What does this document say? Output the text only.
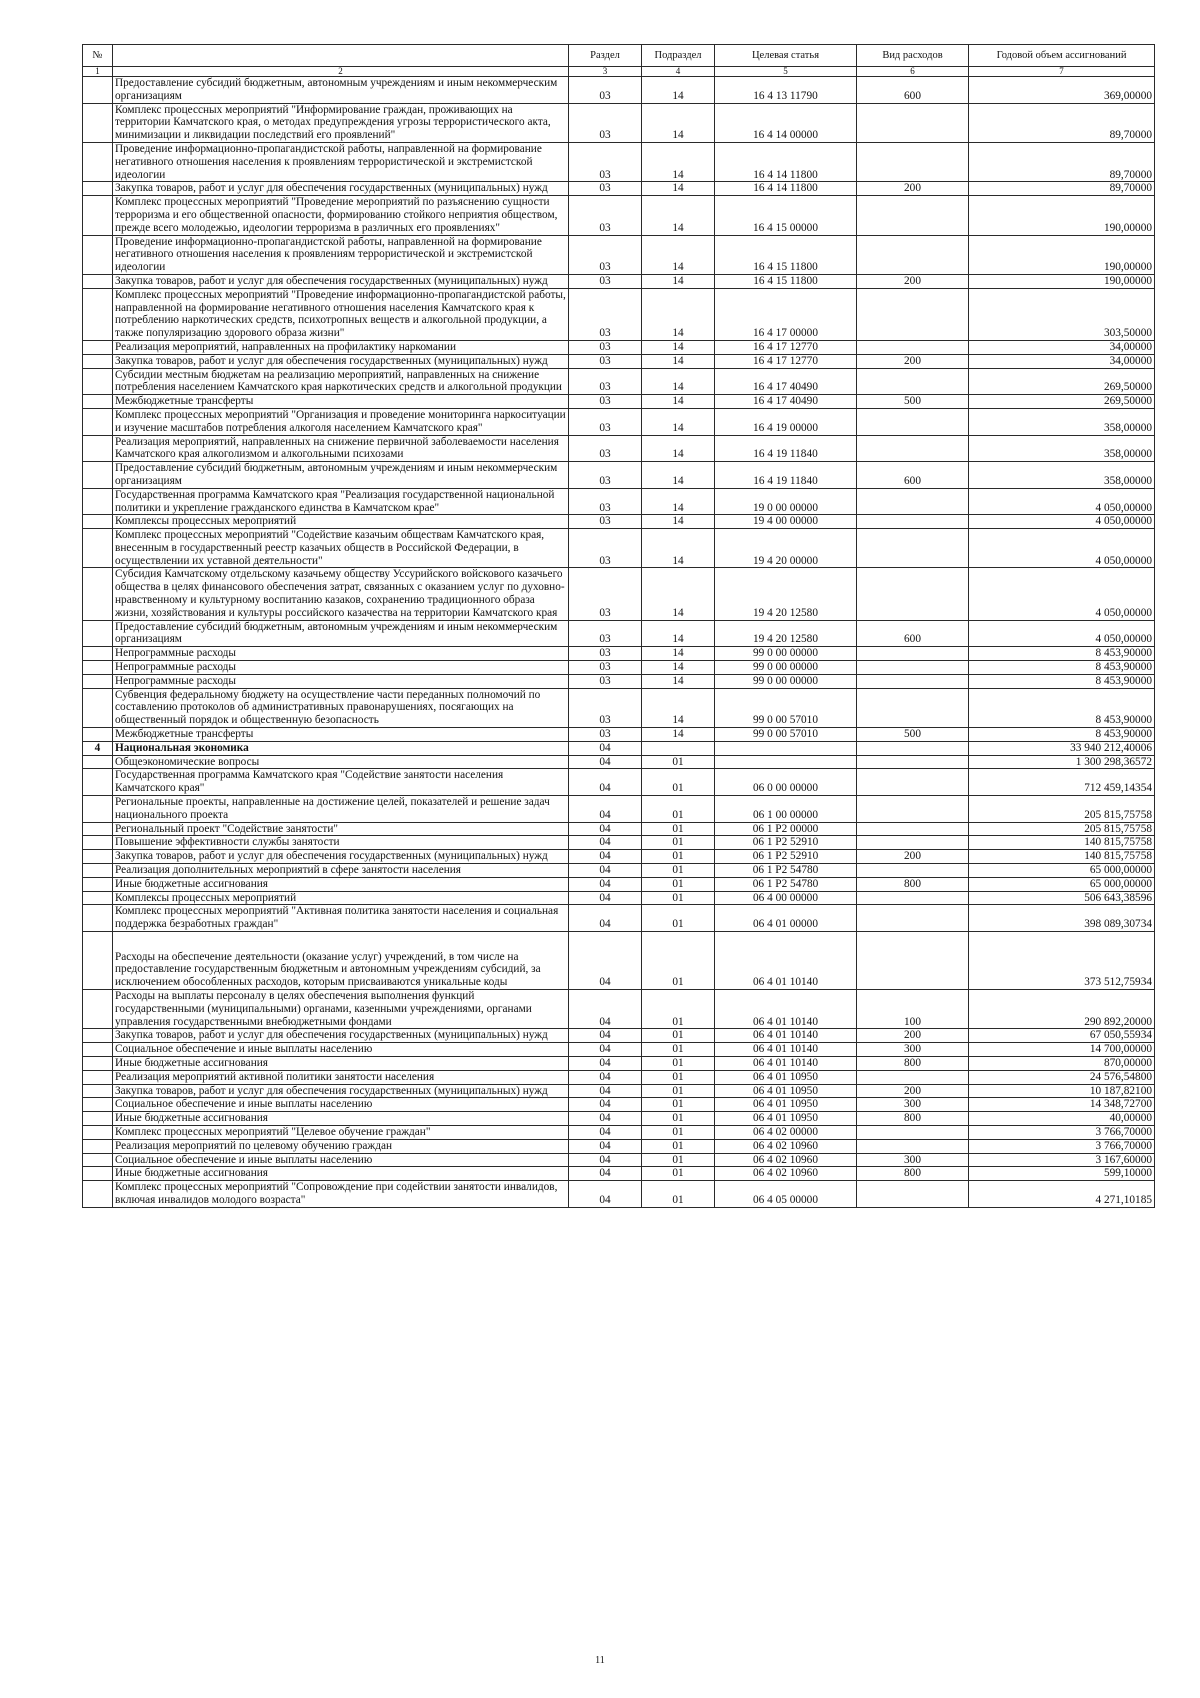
№		Раздел	Подраздел	Целевая статья	Вид расходов	Годовой объем ассигнований
1	2	3	4	5	6	7
	Предоставление субсидий бюджетным, автономным учреждениям и иным некоммерческим организациям	03	14	16 4 13 11790	600	369,00000
	Комплекс процессных мероприятий "Информирование граждан, проживающих на территории Камчатского края, о методах предупреждения угрозы террористического акта, минимизации и ликвидации последствий его проявлений"	03	14	16 4 14 00000		89,70000
	Проведение информационно-пропагандистской работы, направленной на формирование негативного отношения населения к проявлениям террористической и экстремистской идеологии	03	14	16 4 14 11800		89,70000
	Закупка товаров, работ и услуг для обеспечения государственных (муниципальных) нужд	03	14	16 4 14 11800	200	89,70000
	Комплекс процессных мероприятий "Проведение мероприятий по разъяснению сущности терроризма и его общественной опасности, формированию стойкого неприятия обществом, прежде всего молодежью, идеологии терроризма в различных его проявлениях"	03	14	16 4 15 00000		190,00000
	Проведение информационно-пропагандистской работы, направленной на формирование негативного отношения населения к проявлениям террористической и экстремистской идеологии	03	14	16 4 15 11800		190,00000
	Закупка товаров, работ и услуг для обеспечения государственных (муниципальных) нужд	03	14	16 4 15 11800	200	190,00000
	Комплекс процессных мероприятий "Проведение информационно-пропагандистской работы, направленной на формирование негативного отношения населения Камчатского края к потреблению наркотических средств, психотропных веществ и алкогольной продукции, а также популяризацию здорового образа жизни"	03	14	16 4 17 00000		303,50000
	Реализация мероприятий, направленных на профилактику наркомании	03	14	16 4 17 12770		34,00000
	Закупка товаров, работ и услуг для обеспечения государственных (муниципальных) нужд	03	14	16 4 17 12770	200	34,00000
	Субсидии местным бюджетам на реализацию мероприятий, направленных на снижение потребления населением Камчатского края наркотических средств и алкогольной продукции	03	14	16 4 17 40490		269,50000
	Межбюджетные трансферты	03	14	16 4 17 40490	500	269,50000
	Комплекс процессных мероприятий "Организация и проведение мониторинга наркоситуации и изучение масштабов потребления алкоголя населением Камчатского края"	03	14	16 4 19 00000		358,00000
	Реализация мероприятий, направленных на снижение первичной заболеваемости населения Камчатского края алкоголизмом и алкогольными психозами	03	14	16 4 19 11840		358,00000
	Предоставление субсидий бюджетным, автономным учреждениям и иным некоммерческим организациям	03	14	16 4 19 11840	600	358,00000
	Государственная программа Камчатского края "Реализация государственной национальной политики и укрепление гражданского единства в Камчатском крае"	03	14	19 0 00 00000		4 050,00000
	Комплексы процессных мероприятий	03	14	19 4 00 00000		4 050,00000
	Комплекс процессных мероприятий "Содействие казачьим обществам Камчатского края, внесенным в государственный реестр казачьих обществ в Российской Федерации, в осуществлении их уставной деятельности"	03	14	19 4 20 00000		4 050,00000
	Субсидия Камчатскому отдельскому казачьему обществу Уссурийского войскового казачьего общества в целях финансового обеспечения затрат, связанных с оказанием услуг по духовно-нравственному и культурному воспитанию казаков, сохранению традиционного образа жизни, хозяйствования и культуры российского казачества на территории Камчатского края	03	14	19 4 20 12580		4 050,00000
	Предоставление субсидий бюджетным, автономным учреждениям и иным некоммерческим организациям	03	14	19 4 20 12580	600	4 050,00000
	Непрограммные расходы	03	14	99 0 00 00000		8 453,90000
	Непрограммные расходы	03	14	99 0 00 00000		8 453,90000
	Непрограммные расходы	03	14	99 0 00 00000		8 453,90000
	Субвенция федеральному бюджету на осуществление части переданных полномочий по составлению протоколов об административных правонарушениях, посягающих на общественный порядок и общественную безопасность	03	14	99 0 00 57010		8 453,90000
	Межбюджетные трансферты	03	14	99 0 00 57010	500	8 453,90000
4	Национальная экономика	04				33 940 212,40006
	Общеэкономические вопросы	04	01			1 300 298,36572
	Государственная программа Камчатского края "Содействие занятости населения Камчатского края"	04	01	06 0 00 00000		712 459,14354
	Региональные проекты, направленные на достижение целей, показателей и решение задач национального проекта	04	01	06 1 00 00000		205 815,75758
	Региональный проект "Содействие занятости"	04	01	06 1 P2 00000		205 815,75758
	Повышение эффективности службы занятости	04	01	06 1 P2 52910		140 815,75758
	Закупка товаров, работ и услуг для обеспечения государственных (муниципальных) нужд	04	01	06 1 P2 52910	200	140 815,75758
	Реализация дополнительных мероприятий в сфере занятости населения	04	01	06 1 P2 54780		65 000,00000
	Иные бюджетные ассигнования	04	01	06 1 P2 54780	800	65 000,00000
	Комплексы процессных мероприятий	04	01	06 4 00 00000		506 643,38596
	Комплекс процессных мероприятий "Активная политика занятости населения и социальная поддержка безработных граждан"	04	01	06 4 01 00000		398 089,30734
	Расходы на обеспечение деятельности (оказание услуг) учреждений, в том числе на предоставление государственным бюджетным и автономным учреждениям субсидий, за исключением обособленных расходов, которым присваиваются уникальные коды	04	01	06 4 01 10140		373 512,75934
	Расходы на выплаты персоналу в целях обеспечения выполнения функций государственными (муниципальными) органами, казенными учреждениями, органами управления государственными внебюджетными фондами	04	01	06 4 01 10140	100	290 892,20000
	Закупка товаров, работ и услуг для обеспечения государственных (муниципальных) нужд	04	01	06 4 01 10140	200	67 050,55934
	Социальное обеспечение и иные выплаты населению	04	01	06 4 01 10140	300	14 700,00000
	Иные бюджетные ассигнования	04	01	06 4 01 10140	800	870,00000
	Реализация мероприятий активной политики занятости населения	04	01	06 4 01 10950		24 576,54800
	Закупка товаров, работ и услуг для обеспечения государственных (муниципальных) нужд	04	01	06 4 01 10950	200	10 187,82100
	Социальное обеспечение и иные выплаты населению	04	01	06 4 01 10950	300	14 348,72700
	Иные бюджетные ассигнования	04	01	06 4 01 10950	800	40,00000
	Комплекс процессных мероприятий "Целевое обучение граждан"	04	01	06 4 02 00000		3 766,70000
	Реализация мероприятий по целевому обучению граждан	04	01	06 4 02 10960		3 766,70000
	Социальное обеспечение и иные выплаты населению	04	01	06 4 02 10960	300	3 167,60000
	Иные бюджетные ассигнования	04	01	06 4 02 10960	800	599,10000
	Комплекс процессных мероприятий "Сопровождение при содействии занятости инвалидов, включая инвалидов молодого возраста"	04	01	06 4 05 00000		4 271,10185
11
